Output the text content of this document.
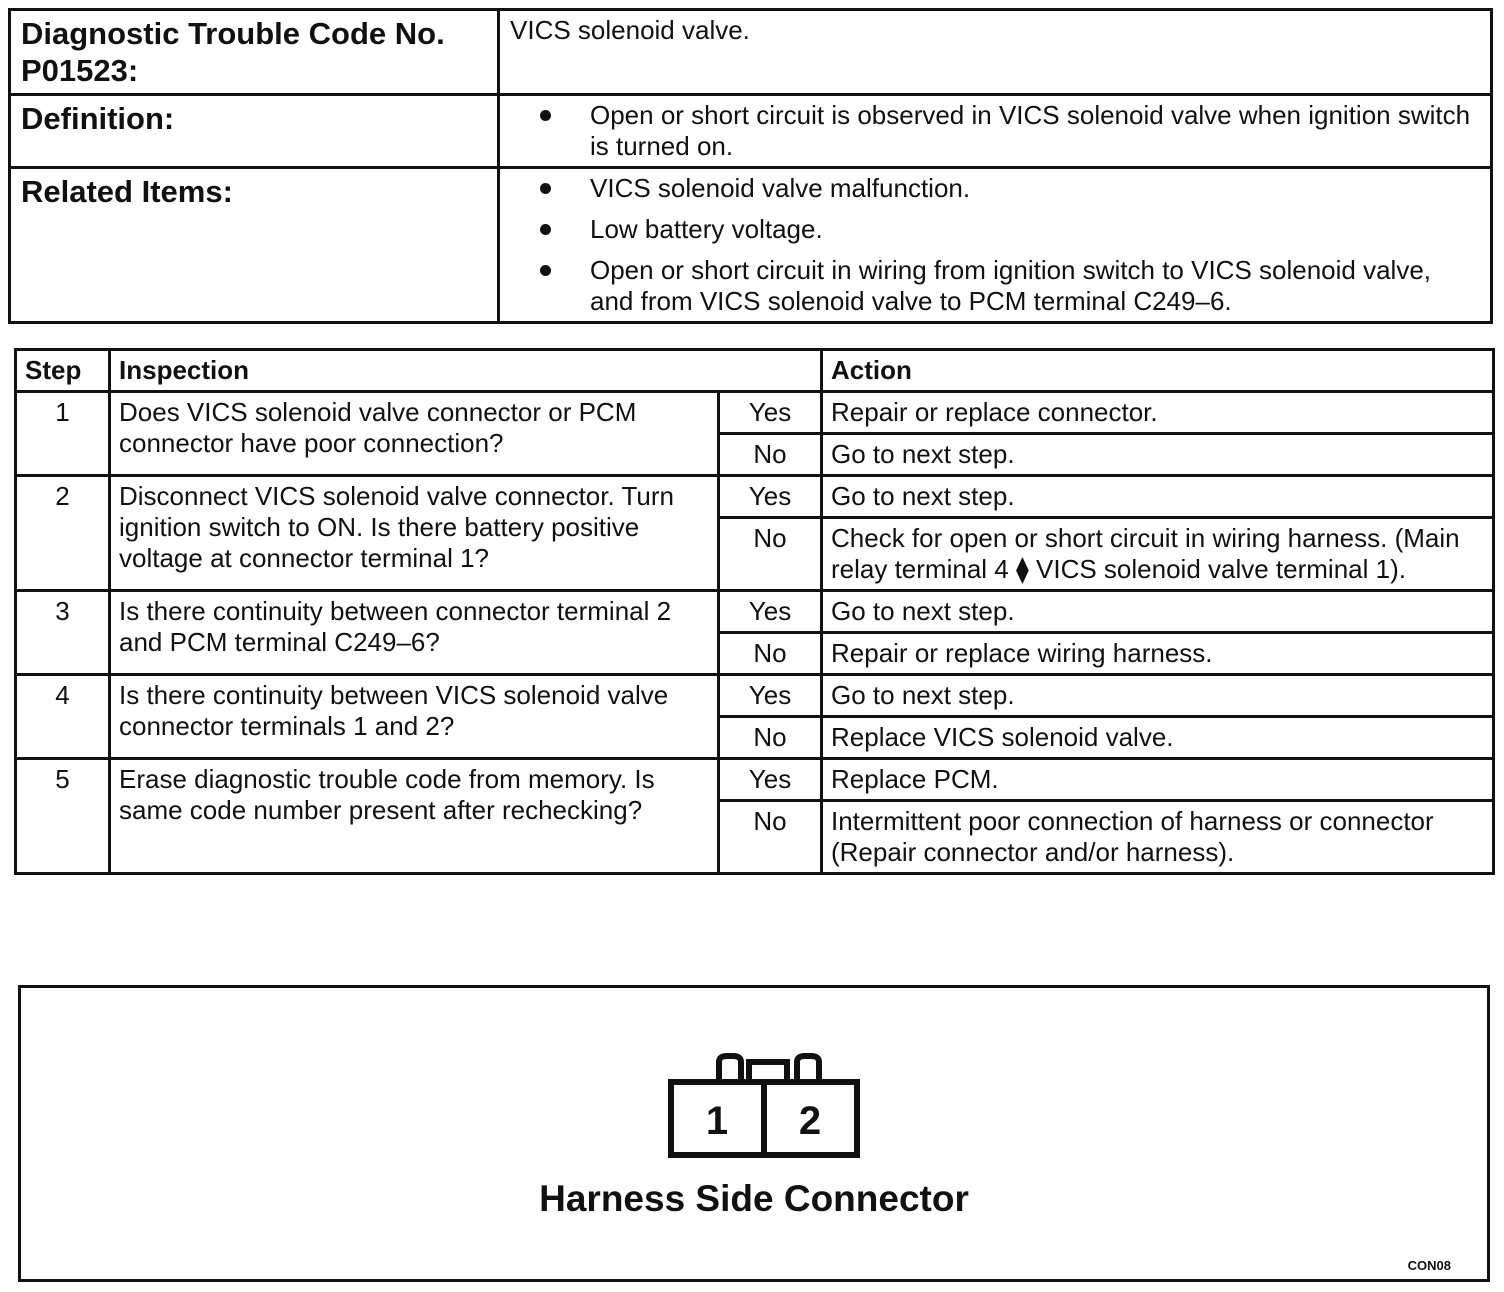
Diagnostic Trouble Code No. P01523:	VICS solenoid valve.
Definition:	Open or short circuit is observed in VICS solenoid valve when ignition switch is turned on.

Related Items:	VICS solenoid valve malfunction.
Low battery voltage.
Open or short circuit in wiring from ignition switch to VICS solenoid valve, and from VICS solenoid valve to PCM terminal C249–6.
Step	Inspection		Action
1	Does VICS solenoid valve connector or PCM connector have poor connection?	Yes	Repair or replace connector.
		No	Go to next step.
2	Disconnect VICS solenoid valve connector. Turn ignition switch to ON. Is there battery positive voltage at connector terminal 1?	Yes	Go to next step.
		No	Check for open or short circuit in wiring harness. (Main relay terminal 4 ⧫ VICS solenoid valve terminal 1).
3	Is there continuity between connector terminal 2 and PCM terminal C249–6?	Yes	Go to next step.
		No	Repair or replace wiring harness.
4	Is there continuity between VICS solenoid valve connector terminals 1 and 2?	Yes	Go to next step.
		No	Replace VICS solenoid valve.
5	Erase diagnostic trouble code from memory. Is same code number present after rechecking?	Yes	Replace PCM.
		No	Intermittent poor connection of harness or connector (Repair connector and/or harness).
1 2
Harness Side Connector
CON08
